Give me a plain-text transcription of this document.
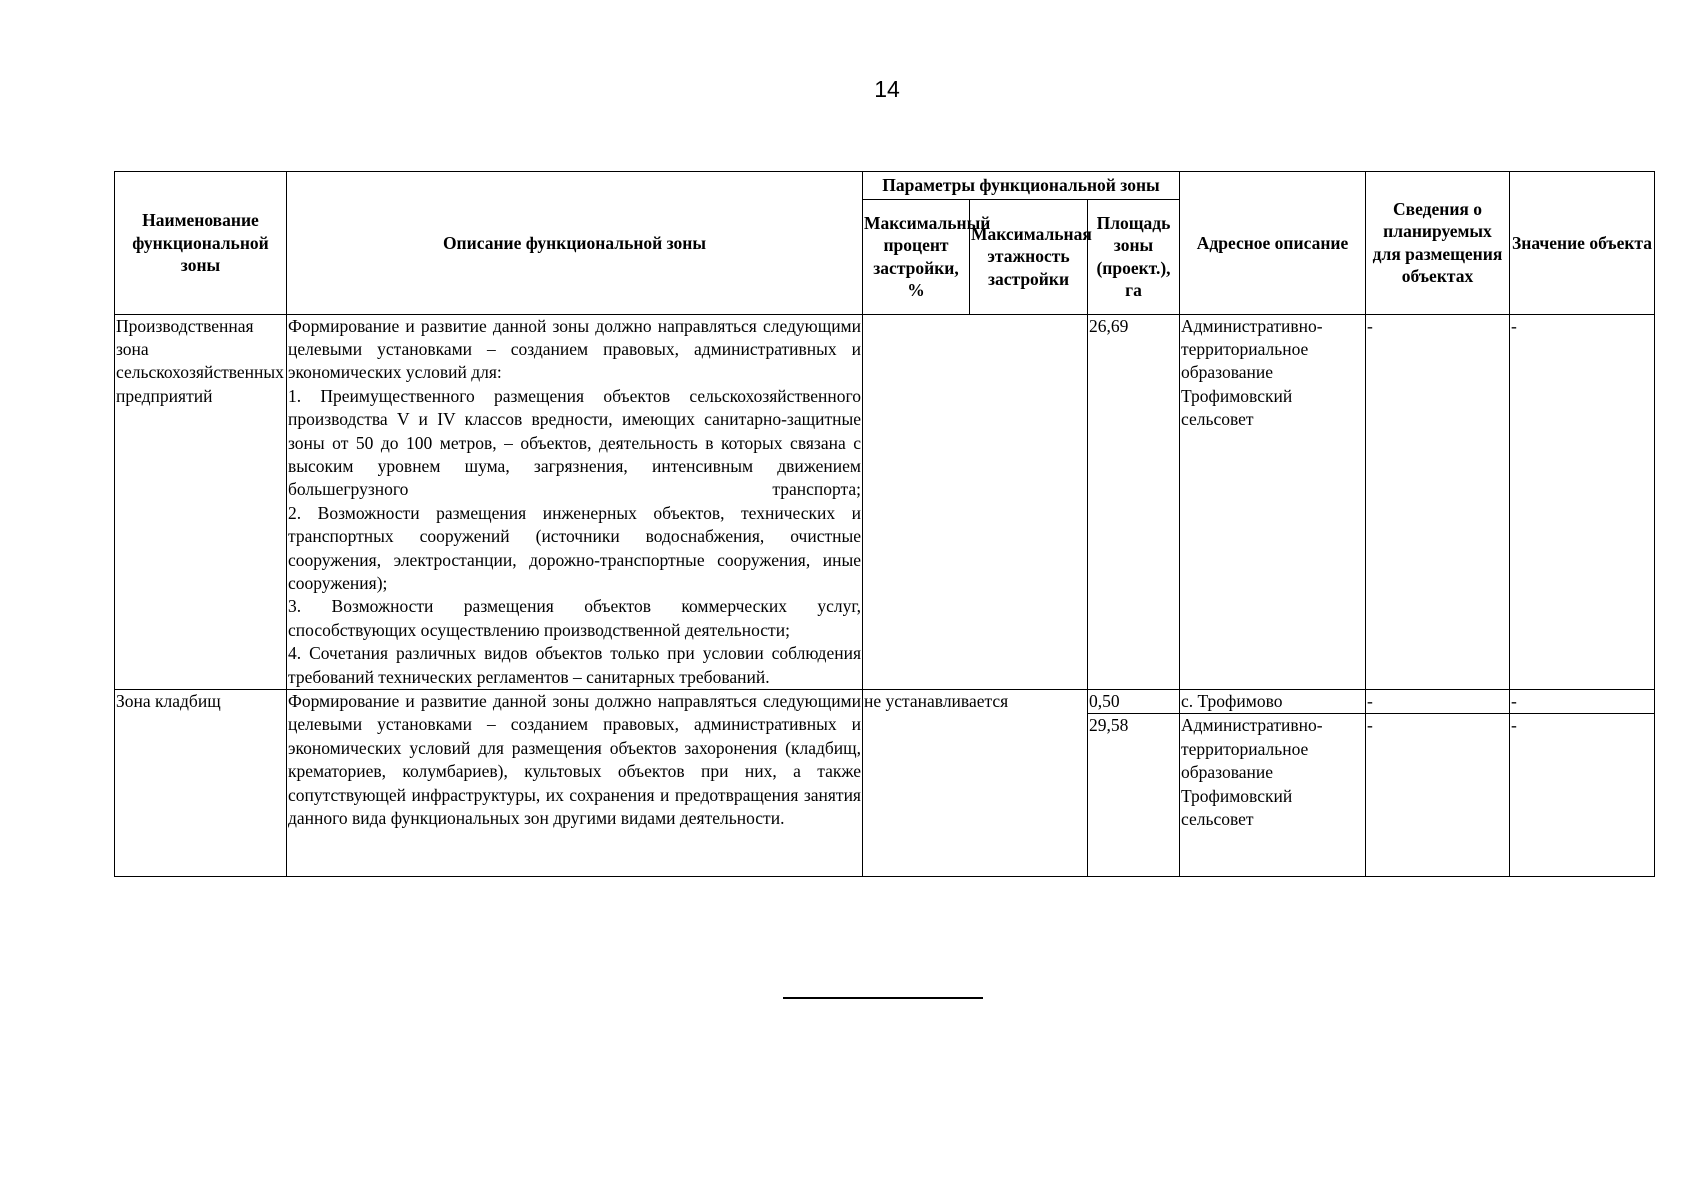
14
Наименование функциональной зоны	Описание функциональной зоны	Параметры функциональной зоны			Адресное описание	Сведения о планируемых для размещения объектах	Значение объекта
		Максимальный процент застройки, %	Максимальная этажность застройки	Площадь зоны (проект.), га			
Производственная зона сельскохозяйственных предприятий	Формирование и развитие данной зоны должно направляться следующими целевыми установками – созданием правовых, административных и экономических условий для:
1. Преимущественного размещения объектов сельскохозяйственного производства V и IV классов вредности, имеющих санитарно-защитные зоны от 50 до 100 метров, – объектов, деятельность в которых связана с высоким уровнем шума, загрязнения, интенсивным движением большегрузного транспорта;
2. Возможности размещения инженерных объектов, технических и транспортных сооружений (источники водоснабжения, очистные сооружения, электростанции, дорожно-транспортные сооружения, иные сооружения);
3. Возможности размещения объектов коммерческих услуг, способствующих осуществлению производственной деятельности;
4. Сочетания различных видов объектов только при условии соблюдения требований технических регламентов – санитарных требований.			26,69	Административно-территориальное образование Трофимовский сельсовет	-	-
Зона кладбищ	Формирование и развитие данной зоны должно направляться следующими целевыми установками – созданием правовых, административных и экономических условий для размещения объектов захоронения (кладбищ, крематориев, колумбариев), культовых объектов при них, а также сопутствующей инфраструктуры, их сохранения и предотвращения занятия данного вида функциональных зон другими видами деятельности.	не устанавливается		0,50	с. Трофимово	-	-
				29,58	Административно-территориальное образование Трофимовский сельсовет	-	-
